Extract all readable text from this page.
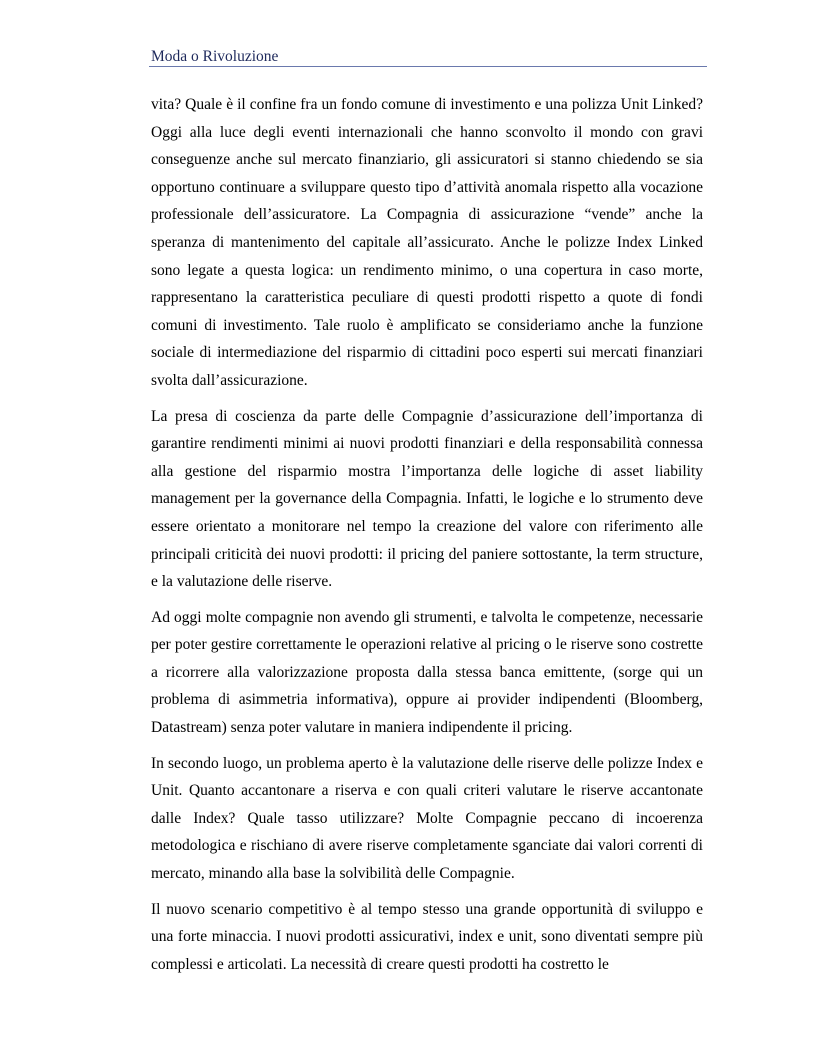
Moda o Rivoluzione

vita? Quale è il confine fra un fondo comune di investimento e una polizza Unit Linked? Oggi alla luce degli eventi internazionali che hanno sconvolto il mondo con gravi conseguenze anche sul mercato finanziario, gli assicuratori si stanno chiedendo se sia opportuno continuare a sviluppare questo tipo d’attività anomala rispetto alla vocazione professionale dell’assicuratore. La Compagnia di assicurazione “vende” anche la speranza di mantenimento del capitale all’assicurato. Anche le polizze Index Linked sono legate a questa logica: un rendimento minimo, o una copertura in caso morte, rappresentano la caratteristica peculiare di questi prodotti rispetto a quote di fondi comuni di investimento. Tale ruolo è amplificato se consideriamo anche la funzione sociale di intermediazione del risparmio di cittadini poco esperti sui mercati finanziari svolta dall’assicurazione.

La presa di coscienza da parte delle Compagnie d’assicurazione dell’importanza di garantire rendimenti minimi ai nuovi prodotti finanziari e della responsabilità connessa alla gestione del risparmio mostra l’importanza delle logiche di asset liability management per la governance della Compagnia. Infatti, le logiche e lo strumento deve essere orientato a monitorare nel tempo la creazione del valore con riferimento alle principali criticità dei nuovi prodotti: il pricing del paniere sottostante, la term structure, e la valutazione delle riserve.

Ad oggi molte compagnie non avendo gli strumenti, e talvolta le competenze, necessarie per poter gestire correttamente le operazioni relative al pricing o le riserve sono costrette a ricorrere alla valorizzazione proposta dalla stessa banca emittente, (sorge qui un problema di asimmetria informativa), oppure ai provider indipendenti (Bloomberg, Datastream) senza poter valutare in maniera indipendente il pricing.

In secondo luogo, un problema aperto è la valutazione delle riserve delle polizze Index e Unit. Quanto accantonare a riserva e con quali criteri valutare le riserve accantonate dalle Index? Quale tasso utilizzare? Molte Compagnie peccano di incoerenza metodologica e rischiano di avere riserve completamente sganciate dai valori correnti di mercato, minando alla base la solvibilità delle Compagnie.

Il nuovo scenario competitivo è al tempo stesso una grande opportunità di sviluppo e una forte minaccia. I nuovi prodotti assicurativi, index e unit, sono diventati sempre più complessi e articolati. La necessità di creare questi prodotti ha costretto le
